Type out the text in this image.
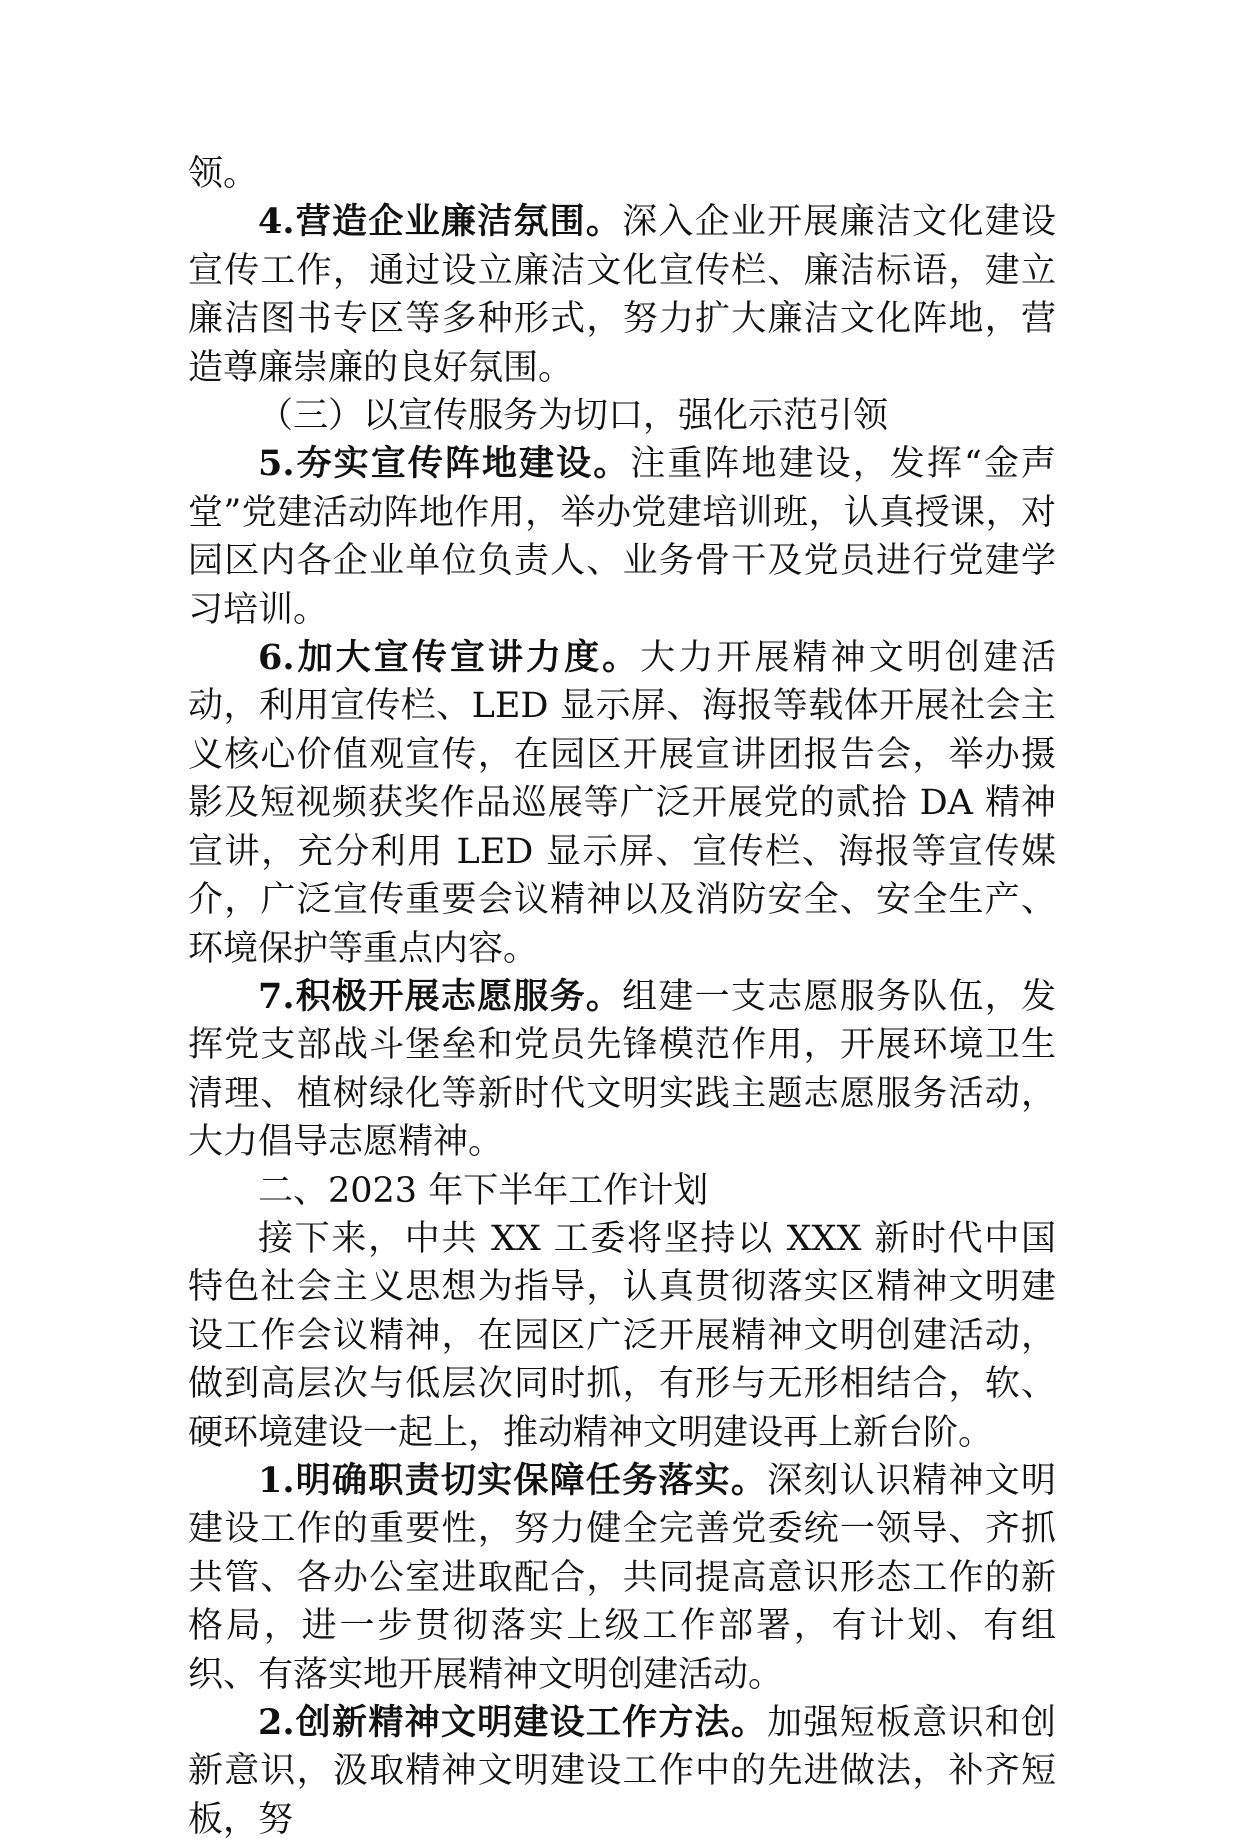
领。

4.营造企业廉洁氛围。深入企业开展廉洁文化建设宣传工作，通过设立廉洁文化宣传栏、廉洁标语，建立廉洁图书专区等多种形式，努力扩大廉洁文化阵地，营造尊廉崇廉的良好氛围。

（三）以宣传服务为切口，强化示范引领

5.夯实宣传阵地建设。注重阵地建设，发挥“金声堂”党建活动阵地作用，举办党建培训班，认真授课，对园区内各企业单位负责人、业务骨干及党员进行党建学习培训。

6.加大宣传宣讲力度。大力开展精神文明创建活动，利用宣传栏、LED 显示屏、海报等载体开展社会主义核心价值观宣传，在园区开展宣讲团报告会，举办摄影及短视频获奖作品巡展等广泛开展党的贰拾 DA 精神宣讲，充分利用 LED 显示屏、宣传栏、海报等宣传媒介，广泛宣传重要会议精神以及消防安全、安全生产、环境保护等重点内容。

7.积极开展志愿服务。组建一支志愿服务队伍，发挥党支部战斗堡垒和党员先锋模范作用，开展环境卫生清理、植树绿化等新时代文明实践主题志愿服务活动，大力倡导志愿精神。

二、2023 年下半年工作计划

接下来，中共 XX 工委将坚持以 XXX 新时代中国特色社会主义思想为指导，认真贯彻落实区精神文明建设工作会议精神，在园区广泛开展精神文明创建活动，做到高层次与低层次同时抓，有形与无形相结合，软、硬环境建设一起上，推动精神文明建设再上新台阶。

1.明确职责切实保障任务落实。深刻认识精神文明建设工作的重要性，努力健全完善党委统一领导、齐抓共管、各办公室进取配合，共同提高意识形态工作的新格局，进一步贯彻落实上级工作部署，有计划、有组织、有落实地开展精神文明创建活动。

2.创新精神文明建设工作方法。加强短板意识和创新意识，汲取精神文明建设工作中的先进做法，补齐短板，努
